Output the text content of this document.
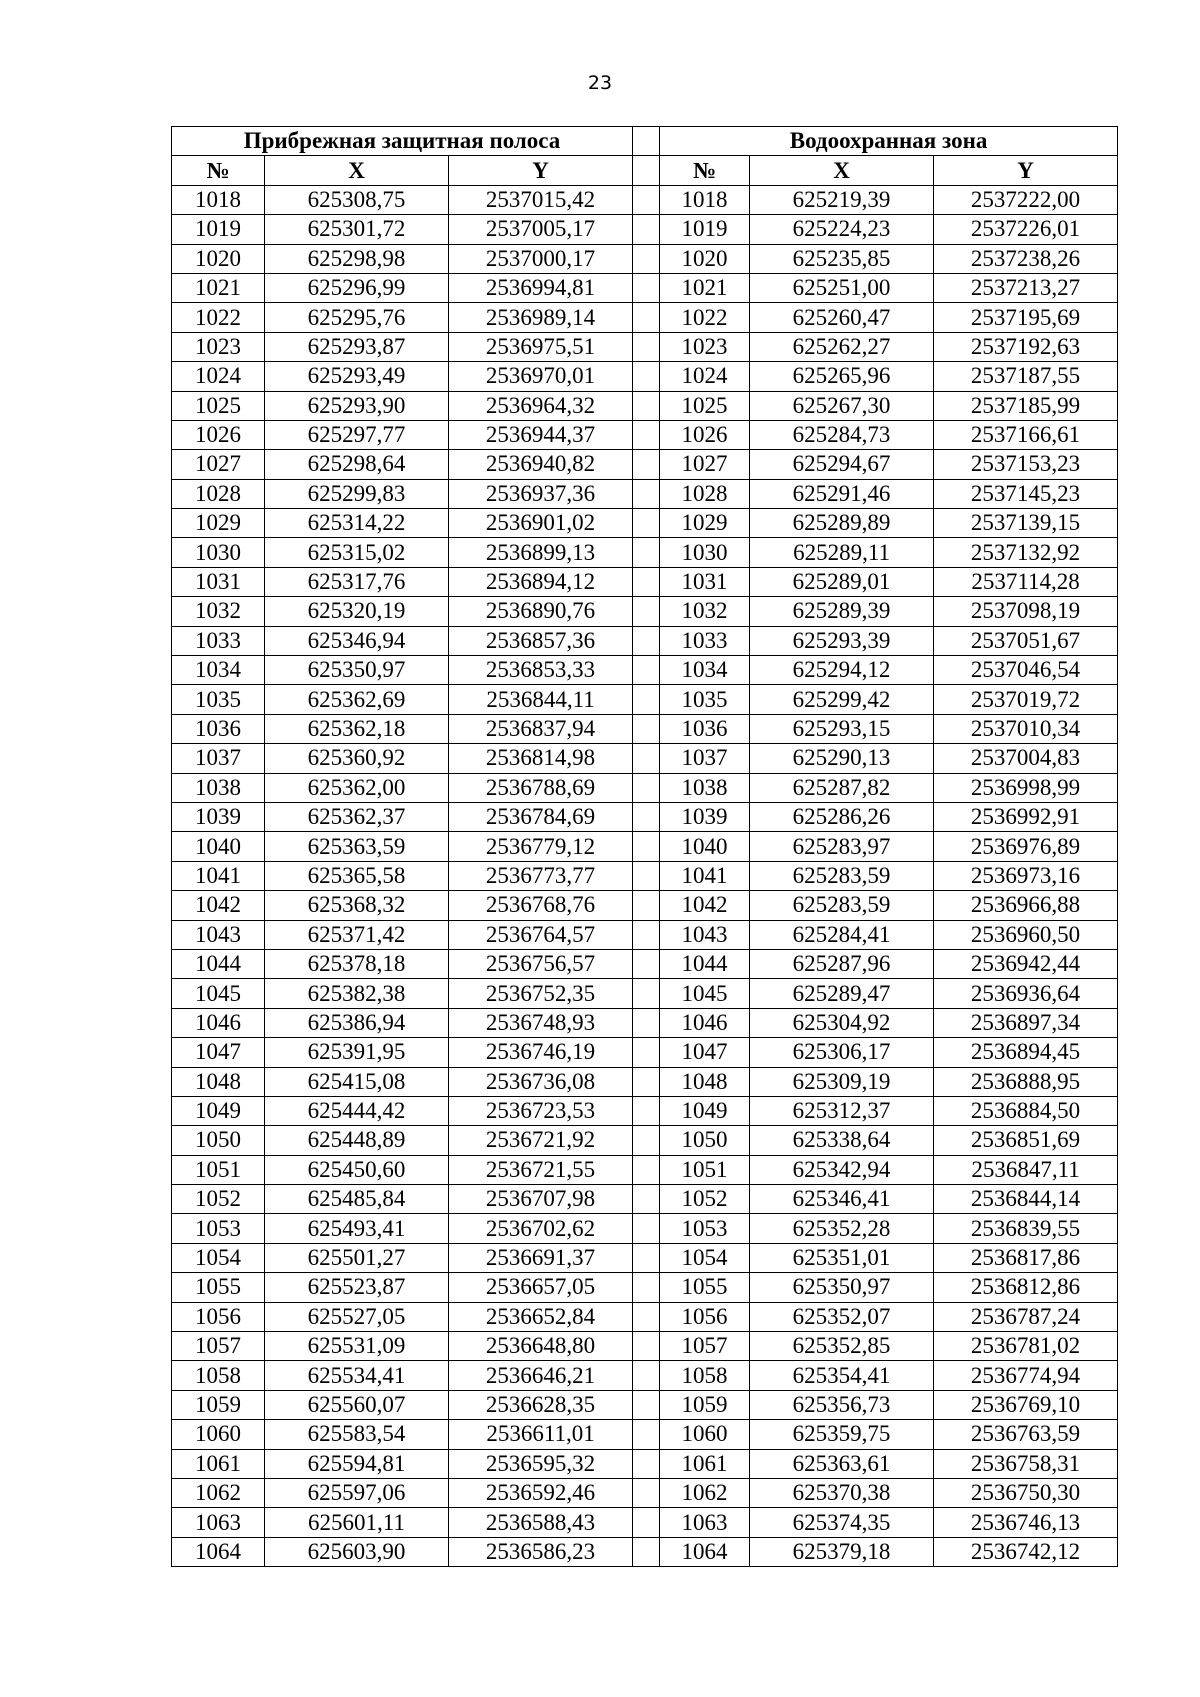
23
Прибрежная защитная полоса				Водоохранная зона		
№	X	Y		№	X	Y
1018	625308,75	2537015,42		1018	625219,39	2537222,00
1019	625301,72	2537005,17		1019	625224,23	2537226,01
1020	625298,98	2537000,17		1020	625235,85	2537238,26
1021	625296,99	2536994,81		1021	625251,00	2537213,27
1022	625295,76	2536989,14		1022	625260,47	2537195,69
1023	625293,87	2536975,51		1023	625262,27	2537192,63
1024	625293,49	2536970,01		1024	625265,96	2537187,55
1025	625293,90	2536964,32		1025	625267,30	2537185,99
1026	625297,77	2536944,37		1026	625284,73	2537166,61
1027	625298,64	2536940,82		1027	625294,67	2537153,23
1028	625299,83	2536937,36		1028	625291,46	2537145,23
1029	625314,22	2536901,02		1029	625289,89	2537139,15
1030	625315,02	2536899,13		1030	625289,11	2537132,92
1031	625317,76	2536894,12		1031	625289,01	2537114,28
1032	625320,19	2536890,76		1032	625289,39	2537098,19
1033	625346,94	2536857,36		1033	625293,39	2537051,67
1034	625350,97	2536853,33		1034	625294,12	2537046,54
1035	625362,69	2536844,11		1035	625299,42	2537019,72
1036	625362,18	2536837,94		1036	625293,15	2537010,34
1037	625360,92	2536814,98		1037	625290,13	2537004,83
1038	625362,00	2536788,69		1038	625287,82	2536998,99
1039	625362,37	2536784,69		1039	625286,26	2536992,91
1040	625363,59	2536779,12		1040	625283,97	2536976,89
1041	625365,58	2536773,77		1041	625283,59	2536973,16
1042	625368,32	2536768,76		1042	625283,59	2536966,88
1043	625371,42	2536764,57		1043	625284,41	2536960,50
1044	625378,18	2536756,57		1044	625287,96	2536942,44
1045	625382,38	2536752,35		1045	625289,47	2536936,64
1046	625386,94	2536748,93		1046	625304,92	2536897,34
1047	625391,95	2536746,19		1047	625306,17	2536894,45
1048	625415,08	2536736,08		1048	625309,19	2536888,95
1049	625444,42	2536723,53		1049	625312,37	2536884,50
1050	625448,89	2536721,92		1050	625338,64	2536851,69
1051	625450,60	2536721,55		1051	625342,94	2536847,11
1052	625485,84	2536707,98		1052	625346,41	2536844,14
1053	625493,41	2536702,62		1053	625352,28	2536839,55
1054	625501,27	2536691,37		1054	625351,01	2536817,86
1055	625523,87	2536657,05		1055	625350,97	2536812,86
1056	625527,05	2536652,84		1056	625352,07	2536787,24
1057	625531,09	2536648,80		1057	625352,85	2536781,02
1058	625534,41	2536646,21		1058	625354,41	2536774,94
1059	625560,07	2536628,35		1059	625356,73	2536769,10
1060	625583,54	2536611,01		1060	625359,75	2536763,59
1061	625594,81	2536595,32		1061	625363,61	2536758,31
1062	625597,06	2536592,46		1062	625370,38	2536750,30
1063	625601,11	2536588,43		1063	625374,35	2536746,13
1064	625603,90	2536586,23		1064	625379,18	2536742,12
